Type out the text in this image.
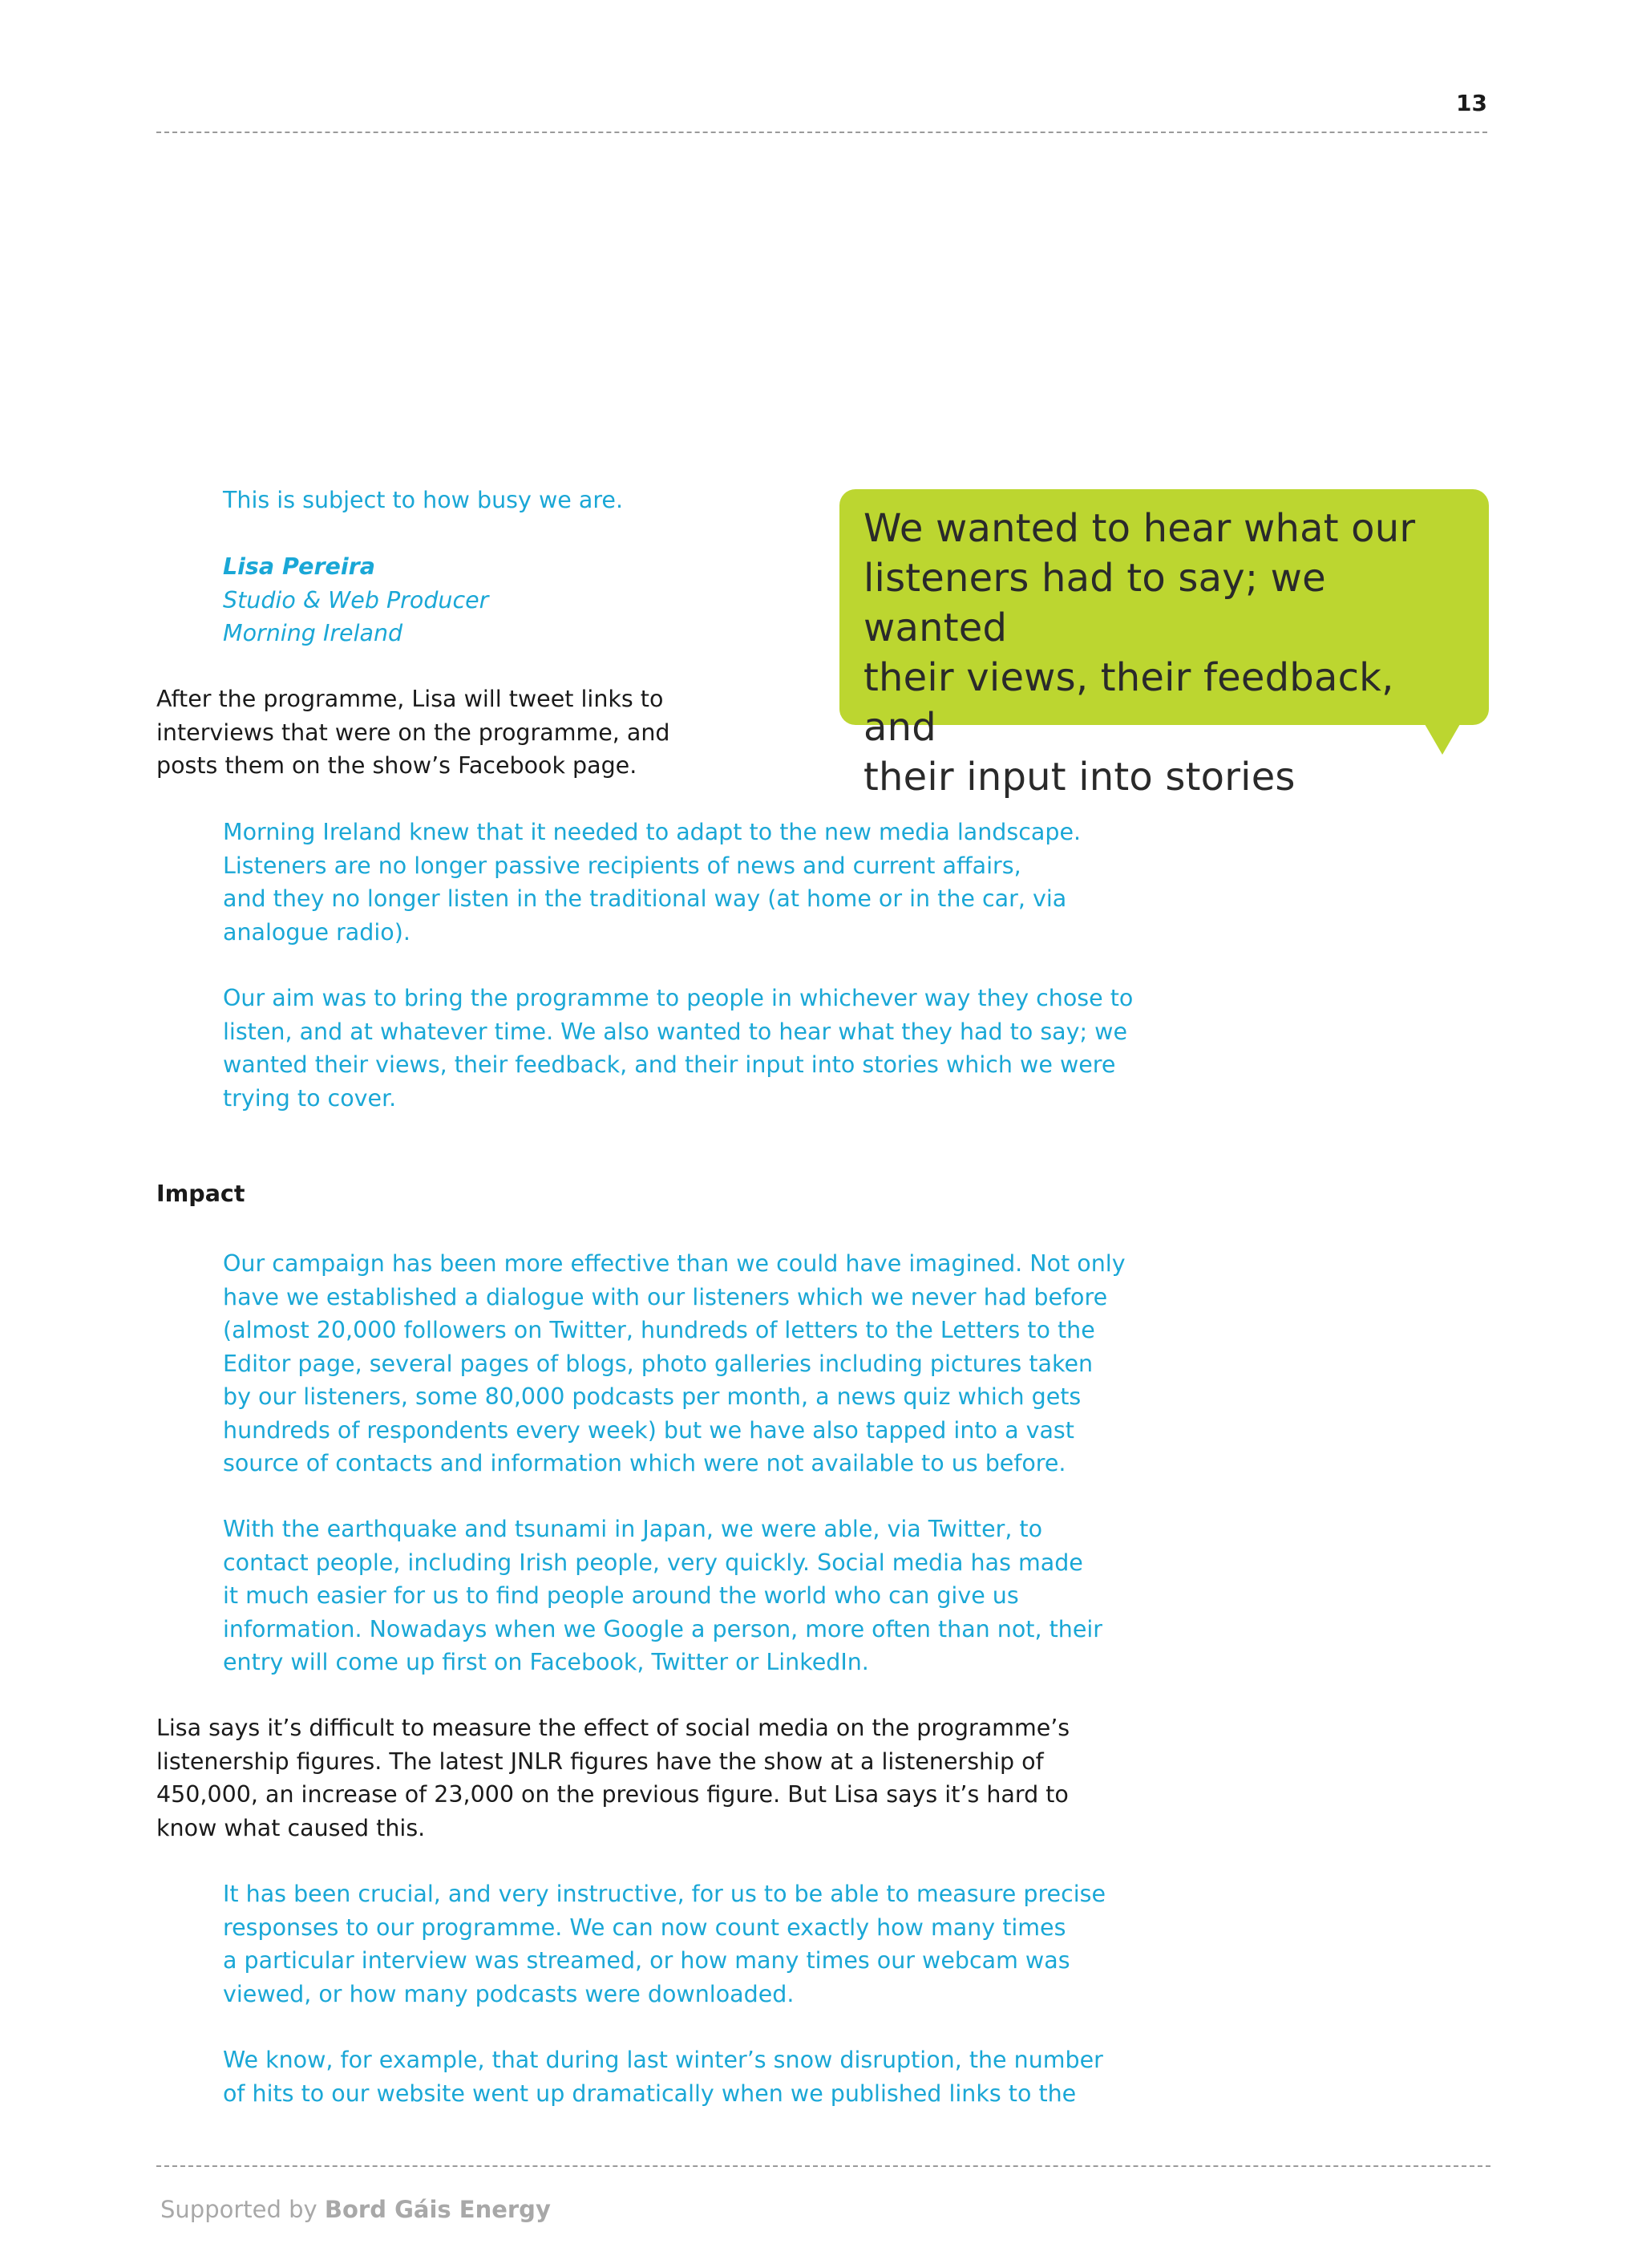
13

This is subject to how busy we are.

Lisa Pereira
Studio & Web Producer
Morning Ireland

After the programme, Lisa will tweet links to
interviews that were on the programme, and
posts them on the show’s Facebook page.

We wanted to hear what our
listeners had to say; we wanted
their views, their feedback, and
their input into stories

Morning Ireland knew that it needed to adapt to the new media landscape.
Listeners are no longer passive recipients of news and current affairs,
and they no longer listen in the traditional way (at home or in the car, via
analogue radio).

Our aim was to bring the programme to people in whichever way they chose to
listen, and at whatever time. We also wanted to hear what they had to say; we
wanted their views, their feedback, and their input into stories which we were
trying to cover.

Impact

Our campaign has been more effective than we could have imagined. Not only
have we established a dialogue with our listeners which we never had before
(almost 20,000 followers on Twitter, hundreds of letters to the Letters to the
Editor page, several pages of blogs, photo galleries including pictures taken
by our listeners, some 80,000 podcasts per month, a news quiz which gets
hundreds of respondents every week) but we have also tapped into a vast
source of contacts and information which were not available to us before.

With the earthquake and tsunami in Japan, we were able, via Twitter, to
contact people, including Irish people, very quickly. Social media has made
it much easier for us to find people around the world who can give us
information. Nowadays when we Google a person, more often than not, their
entry will come up first on Facebook, Twitter or LinkedIn.

Lisa says it’s difficult to measure the effect of social media on the programme’s
listenership figures. The latest JNLR figures have the show at a listenership of
450,000, an increase of 23,000 on the previous figure. But Lisa says it’s hard to
know what caused this.

It has been crucial, and very instructive, for us to be able to measure precise
responses to our programme. We can now count exactly how many times
a particular interview was streamed, or how many times our webcam was
viewed, or how many podcasts were downloaded.

We know, for example, that during last winter’s snow disruption, the number
of hits to our website went up dramatically when we published links to the

Supported by Bord Gáis Energy
